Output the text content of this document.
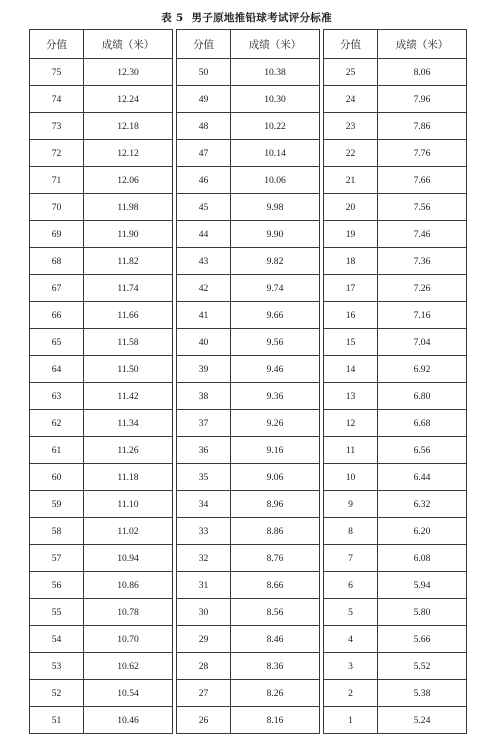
表 5 男子原地推铅球考试评分标准
分值	成绩（米）
75	12.30
74	12.24
73	12.18
72	12.12
71	12.06
70	11.98
69	11.90
68	11.82
67	11.74
66	11.66
65	11.58
64	11.50
63	11.42
62	11.34
61	11.26
60	11.18
59	11.10
58	11.02
57	10.94
56	10.86
55	10.78
54	10.70
53	10.62
52	10.54
51	10.46
分值	成绩（米）
50	10.38
49	10.30
48	10.22
47	10.14
46	10.06
45	9.98
44	9.90
43	9.82
42	9.74
41	9.66
40	9.56
39	9.46
38	9.36
37	9.26
36	9.16
35	9.06
34	8.96
33	8.86
32	8.76
31	8.66
30	8.56
29	8.46
28	8.36
27	8.26
26	8.16
分值	成绩（米）
25	8.06
24	7.96
23	7.86
22	7.76
21	7.66
20	7.56
19	7.46
18	7.36
17	7.26
16	7.16
15	7.04
14	6.92
13	6.80
12	6.68
11	6.56
10	6.44
9	6.32
8	6.20
7	6.08
6	5.94
5	5.80
4	5.66
3	5.52
2	5.38
1	5.24
